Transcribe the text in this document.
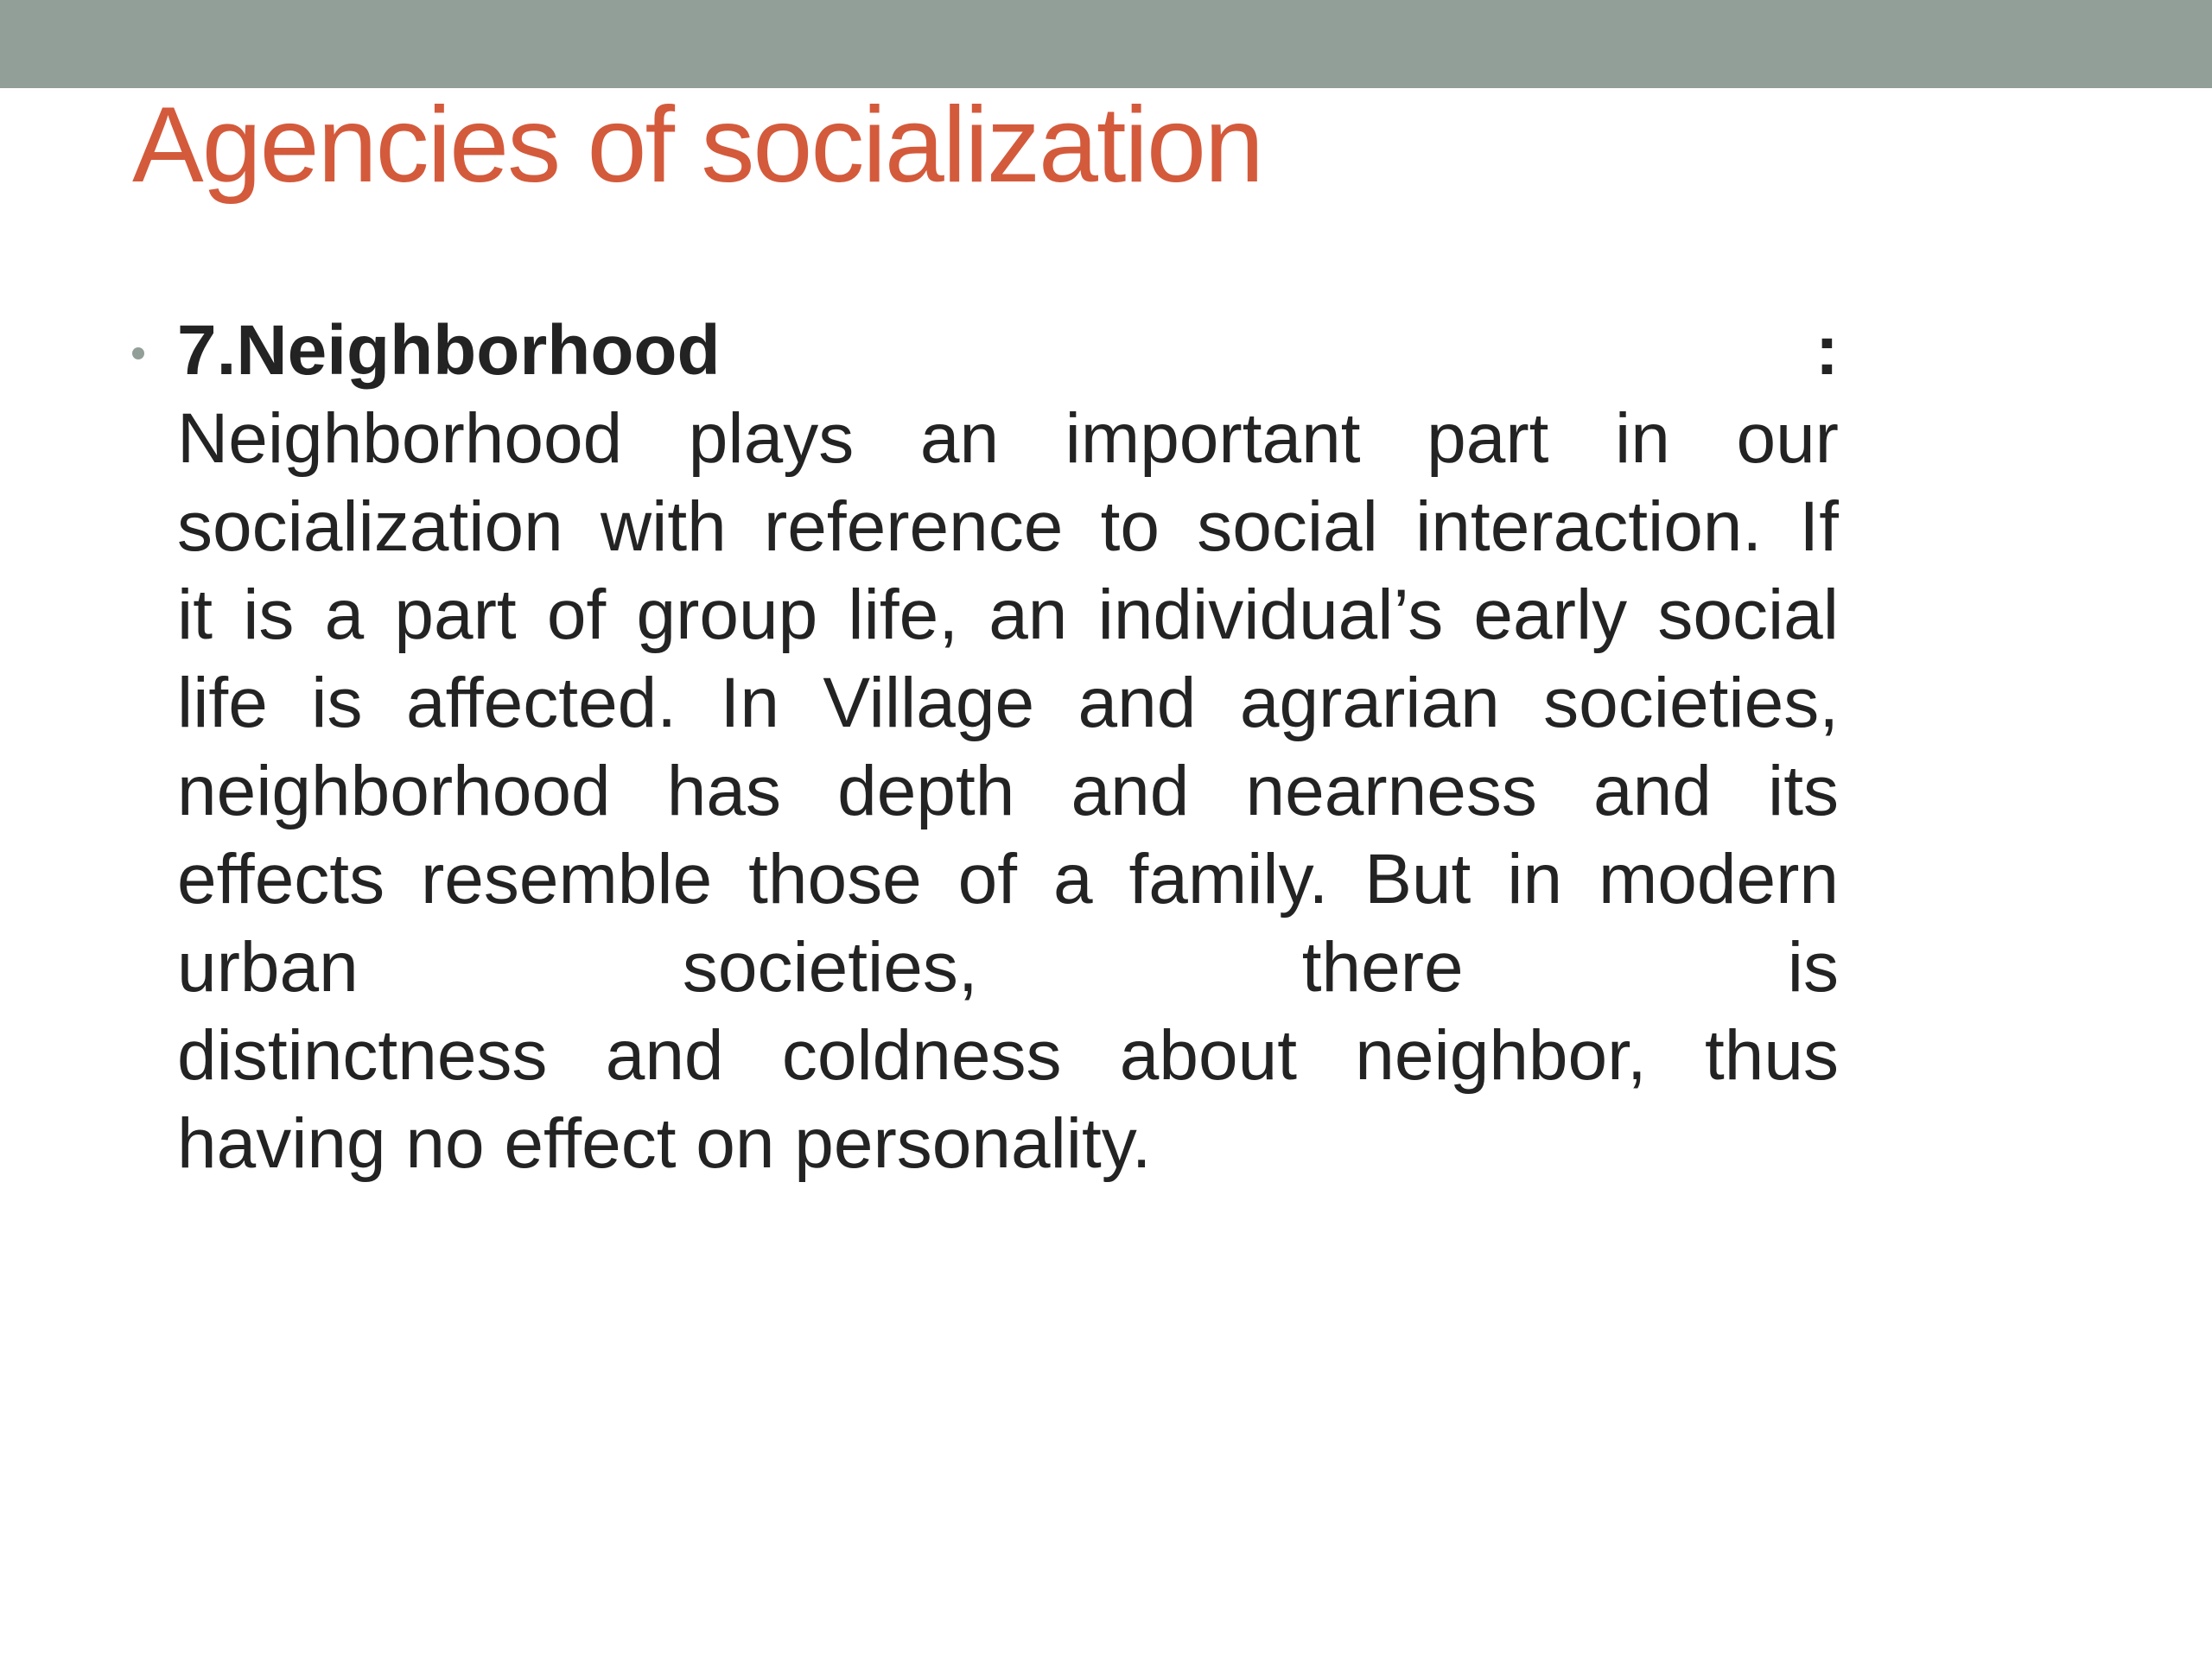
Agencies of socialization
7.Neighborhood	:
Neighborhood plays an important part in our
socialization with reference to social interaction. If
it is a part of group life, an individual’s early social
life is affected. In Village and agrarian societies,
neighborhood has depth and nearness and its
effects resemble those of a family. But in modern
urban societies, there is
distinctness and coldness about neighbor, thus
having no effect on personality.
